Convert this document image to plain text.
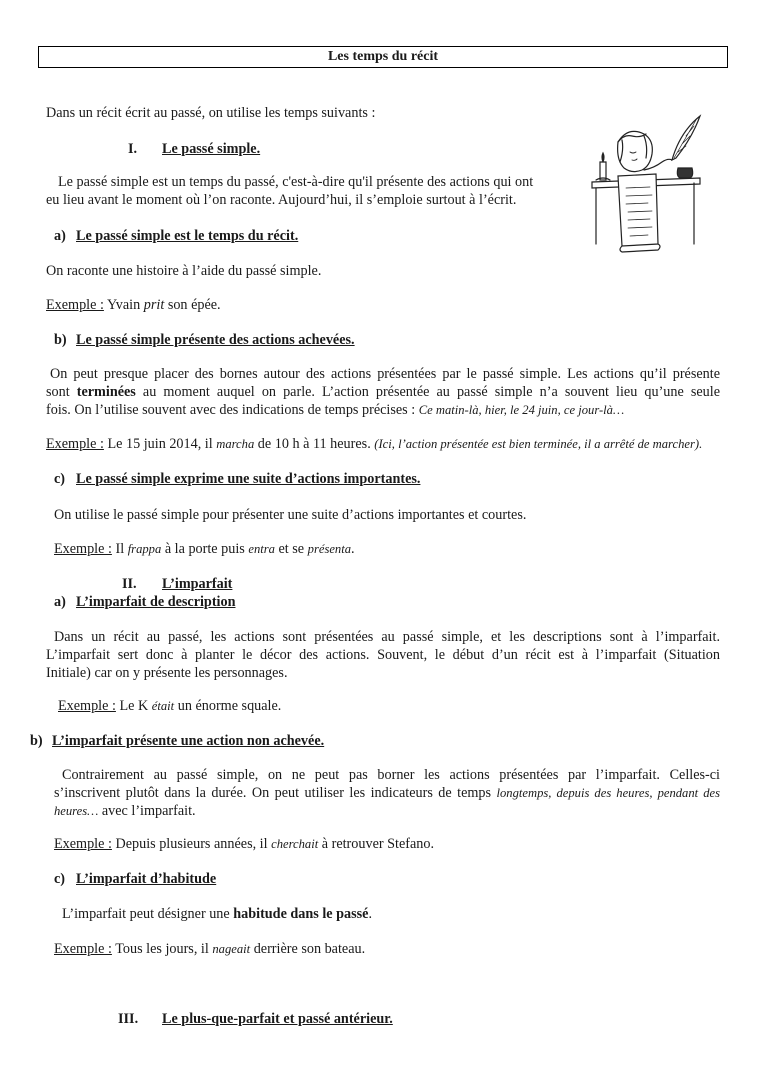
Les temps du récit
Dans un récit écrit au passé, on utilise les temps suivants :
I. Le passé simple.
Le passé simple est un temps du passé, c'est-à-dire qu'il présente des actions qui ont
eu lieu avant le moment où l’on raconte. Aujourd’hui, il s’emploie surtout à l’écrit.
a) Le passé simple est le temps du récit.
On raconte une histoire à l’aide du passé simple.
Exemple : Yvain prit son épée.
b) Le passé simple présente des actions achevées.
On peut presque placer des bornes autour des actions présentées par le passé simple. Les actions qu’il présente
sont terminées au moment auquel on parle. L’action présentée au passé simple n’a souvent lieu qu’une seule
fois. On l’utilise souvent avec des indications de temps précises : Ce matin-là, hier, le 24 juin, ce jour-là…
Exemple : Le 15 juin 2014, il marcha de 10 h à 11 heures. (Ici, l’action présentée est bien terminée, il a arrêté de marcher).
c) Le passé simple exprime une suite d’actions importantes.
On utilise le passé simple pour présenter une suite d’actions importantes et courtes.
Exemple : Il frappa à la porte puis entra et se présenta.
II. L’imparfait
a) L’imparfait de description
Dans un récit au passé, les actions sont présentées au passé simple, et les descriptions sont à l’imparfait.
L’imparfait sert donc à planter le décor des actions. Souvent, le début d’un récit est à l’imparfait (Situation
Initiale) car on y présente les personnages.
Exemple : Le K était un énorme squale.
b) L’imparfait présente une action non achevée.
Contrairement au passé simple, on ne peut pas borner les actions présentées par l’imparfait. Celles-ci
s’inscrivent plutôt dans la durée. On peut utiliser les indicateurs de temps longtemps, depuis des heures, pendant des
heures… avec l’imparfait.
Exemple : Depuis plusieurs années, il cherchait à retrouver Stefano.
c) L’imparfait d’habitude
L’imparfait peut désigner une habitude dans le passé.
Exemple : Tous les jours, il nageait derrière son bateau.
III. Le plus-que-parfait et passé antérieur.
